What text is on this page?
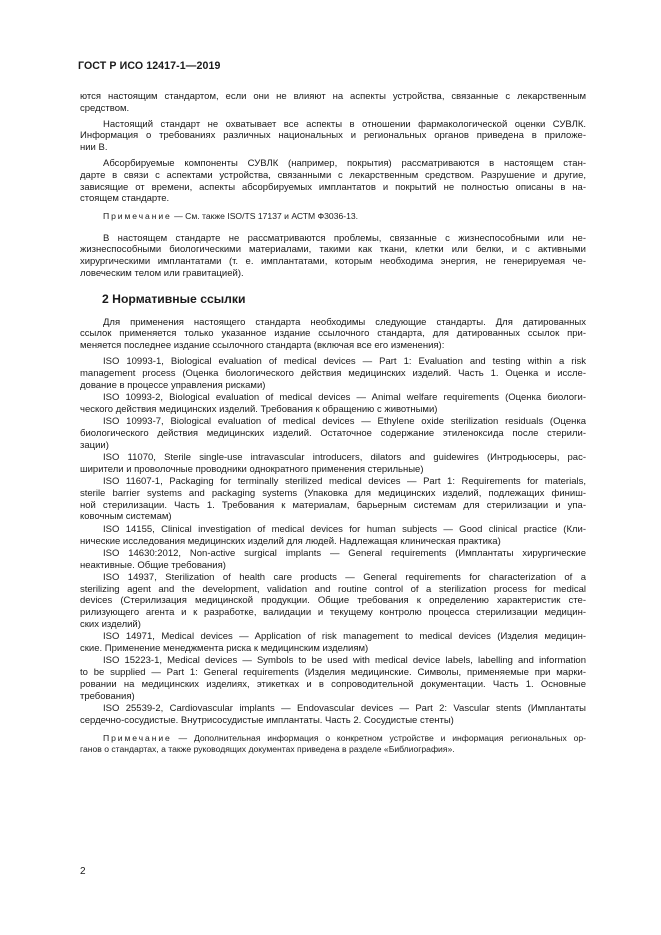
ГОСТ Р ИСО 12417-1—2019
ются настоящим стандартом, если они не влияют на аспекты устройства, связанные с лекарственным
средством.
Настоящий стандарт не охватывает все аспекты в отношении фармакологической оценки СУВЛК.
Информация о требованиях различных национальных и региональных органов приведена в приложе-
нии В.
Абсорбируемые компоненты СУВЛК (например, покрытия) рассматриваются в настоящем стан-
дарте в связи с аспектами устройства, связанными с лекарственным средством. Разрушение и другие,
зависящие от времени, аспекты абсорбируемых имплантатов и покрытий не полностью описаны в на-
стоящем стандарте.
Примечание — См. также ISO/TS 17137 и АСТМ Ф3036-13.
В настоящем стандарте не рассматриваются проблемы, связанные с жизнеспособными или не-
жизнеспособными биологическими материалами, такими как ткани, клетки или белки, и с активными
хирургическими имплантатами (т. е. имплантатами, которым необходима энергия, не генерируемая че-
ловеческим телом или гравитацией).
2 Нормативные ссылки
Для применения настоящего стандарта необходимы следующие стандарты. Для датированных
ссылок применяется только указанное издание ссылочного стандарта, для датированных ссылок при-
меняется последнее издание ссылочного стандарта (включая все его изменения):
ISO 10993-1, Biological evaluation of medical devices — Part 1: Evaluation and testing within a risk
management process (Оценка биологического действия медицинских изделий. Часть 1. Оценка и иссле-
дование в процессе управления рисками)
ISO 10993-2, Biological evaluation of medical devices — Animal welfare requirements (Оценка биологи-
ческого действия медицинских изделий. Требования к обращению с животными)
ISO 10993-7, Biological evaluation of medical devices — Ethylene oxide sterilization residuals (Оценка
биологического действия медицинских изделий. Остаточное содержание этиленоксида после стерили-
зации)
ISO 11070, Sterile single-use intravascular introducers, dilators and guidewires (Интродьюсеры, рас-
ширители и проволочные проводники однократного применения стерильные)
ISO 11607-1, Packaging for terminally sterilized medical devices — Part 1: Requirements for materials,
sterile barrier systems and packaging systems (Упаковка для медицинских изделий, подлежащих финиш-
ной стерилизации. Часть 1. Требования к материалам, барьерным системам для стерилизации и упа-
ковочным системам)
ISO 14155, Clinical investigation of medical devices for human subjects — Good clinical practice (Кли-
нические исследования медицинских изделий для людей. Надлежащая клиническая практика)
ISO 14630:2012, Non-active surgical implants — General requirements (Имплантаты хирургические
неактивные. Общие требования)
ISO 14937, Sterilization of health care products — General requirements for characterization of a
sterilizing agent and the development, validation and routine control of a sterilization process for medical
devices (Стерилизация медицинской продукции. Общие требования к определению характеристик сте-
рилизующего агента и к разработке, валидации и текущему контролю процесса стерилизации медицин-
ских изделий)
ISO 14971, Medical devices — Application of risk management to medical devices (Изделия медицин-
ские. Применение менеджмента риска к медицинским изделиям)
ISO 15223-1, Medical devices — Symbols to be used with medical device labels, labelling and information
to be supplied — Part 1: General requirements (Изделия медицинские. Символы, применяемые при марки-
ровании на медицинских изделиях, этикетках и в сопроводительной документации. Часть 1. Основные
требования)
ISO 25539-2, Cardiovascular implants — Endovascular devices — Part 2: Vascular stents (Имплантаты
сердечно-сосудистые. Внутрисосудистые имплантаты. Часть 2. Сосудистые стенты)
Примечание — Дополнительная информация о конкретном устройстве и информация региональных ор-
ганов о стандартах, а также руководящих документах приведена в разделе «Библиография».
2
